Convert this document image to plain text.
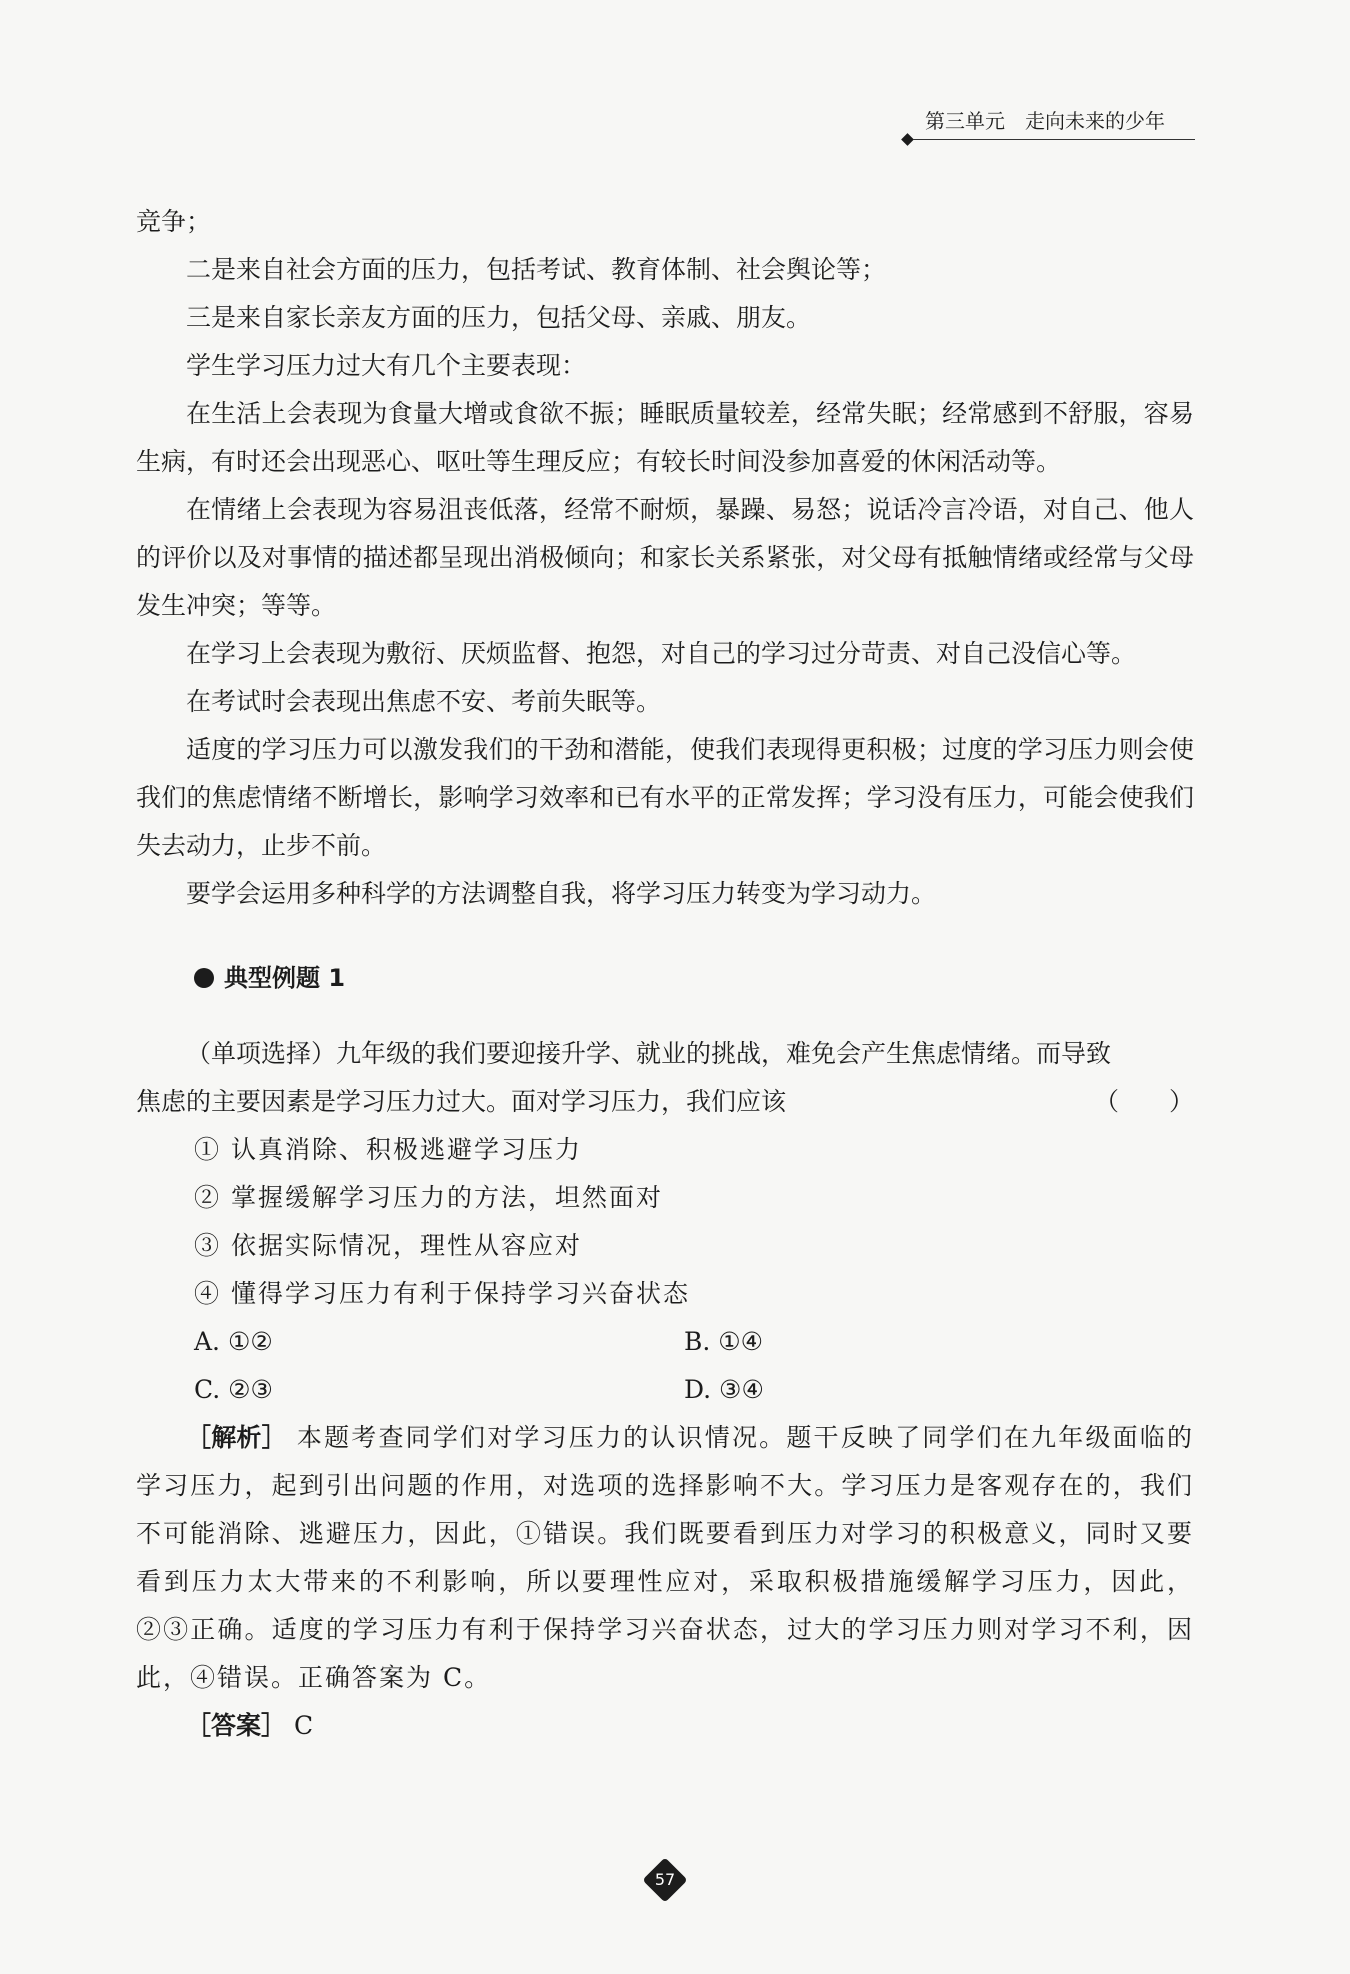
第三单元　走向未来的少年

竞争；

二是来自社会方面的压力，包括考试、教育体制、社会舆论等；

三是来自家长亲友方面的压力，包括父母、亲戚、朋友。

学生学习压力过大有几个主要表现：

在生活上会表现为食量大增或食欲不振；睡眠质量较差，经常失眠；经常感到不舒服，容易生病，有时还会出现恶心、呕吐等生理反应；有较长时间没参加喜爱的休闲活动等。

在情绪上会表现为容易沮丧低落，经常不耐烦，暴躁、易怒；说话冷言冷语，对自己、他人的评价以及对事情的描述都呈现出消极倾向；和家长关系紧张，对父母有抵触情绪或经常与父母发生冲突；等等。

在学习上会表现为敷衍、厌烦监督、抱怨，对自己的学习过分苛责、对自己没信心等。

在考试时会表现出焦虑不安、考前失眠等。

适度的学习压力可以激发我们的干劲和潜能，使我们表现得更积极；过度的学习压力则会使我们的焦虑情绪不断增长，影响学习效率和已有水平的正常发挥；学习没有压力，可能会使我们失去动力，止步不前。

要学会运用多种科学的方法调整自我，将学习压力转变为学习动力。

典型例题 1

（单项选择）九年级的我们要迎接升学、就业的挑战，难免会产生焦虑情绪。而导致

焦虑的主要因素是学习压力过大。面对学习压力，我们应该	（　　）

① 认真消除、积极逃避学习压力

② 掌握缓解学习压力的方法，坦然面对

③ 依据实际情况，理性从容应对

④ 懂得学习压力有利于保持学习兴奋状态

A. ①②	B. ①④
C. ②③	D. ③④

［解析］ 本题考查同学们对学习压力的认识情况。题干反映了同学们在九年级面临的学习压力，起到引出问题的作用，对选项的选择影响不大。学习压力是客观存在的，我们不可能消除、逃避压力，因此，①错误。我们既要看到压力对学习的积极意义，同时又要看到压力太大带来的不利影响，所以要理性应对，采取积极措施缓解学习压力，因此，②③正确。适度的学习压力有利于保持学习兴奋状态，过大的学习压力则对学习不利，因此，④错误。正确答案为 C。

［答案］ C

57
